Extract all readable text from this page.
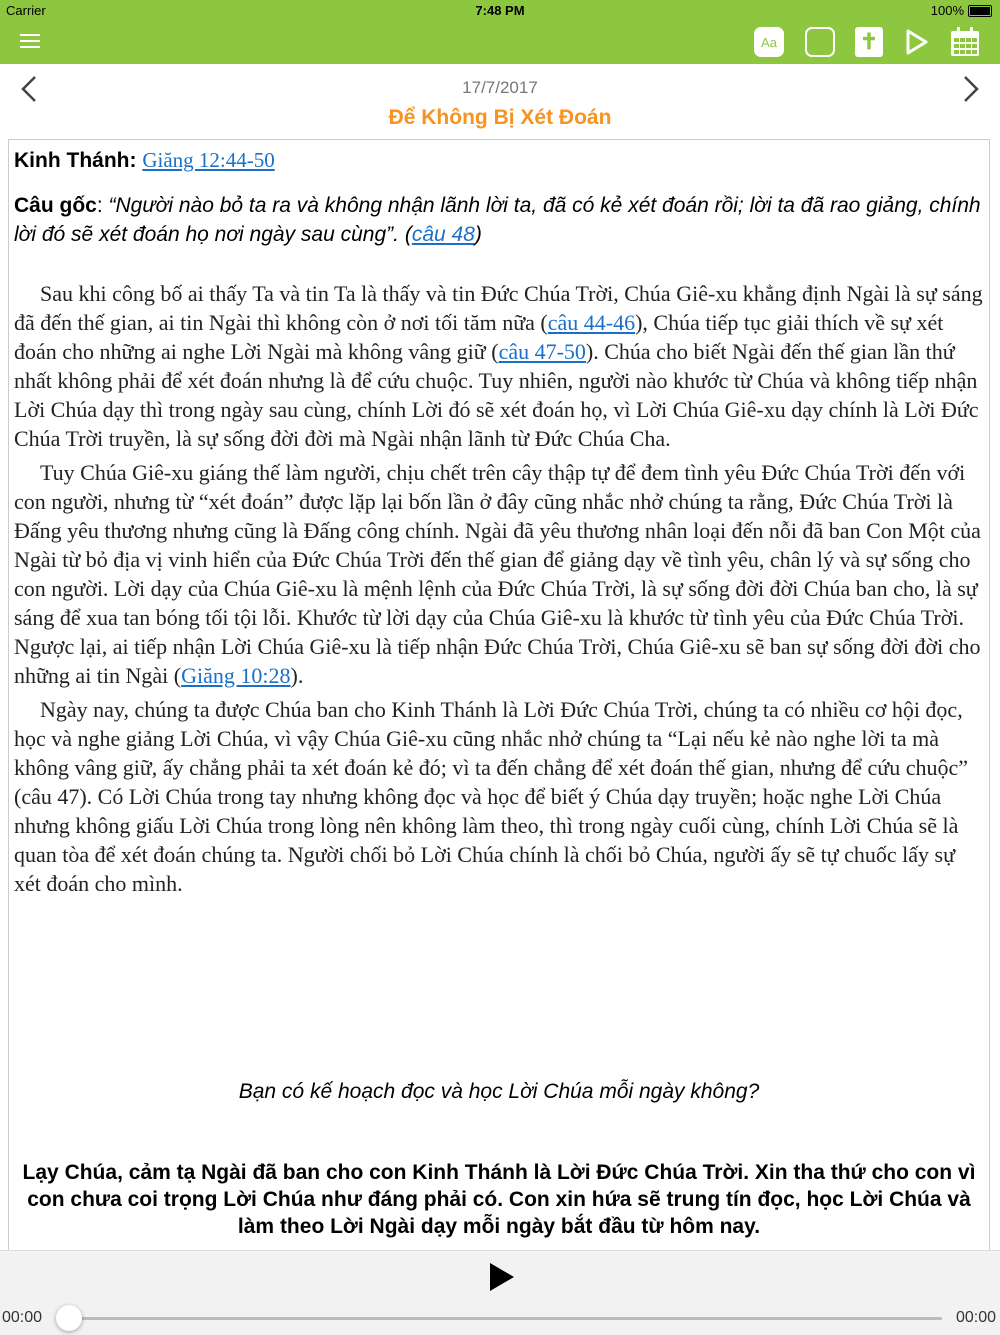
Carrier	7:48 PM	100%
Aa	✝
17/7/2017
Để Không Bị Xét Đoán

Kinh Thánh: Giăng 12:44-50

Câu gốc: “Người nào bỏ ta ra và không nhận lãnh lời ta, đã có kẻ xét đoán rồi; lời ta đã rao giảng, chính lời đó sẽ xét đoán họ nơi ngày sau cùng”. (câu 48)

Sau khi công bố ai thấy Ta và tin Ta là thấy và tin Đức Chúa Trời, Chúa Giê-xu khẳng định Ngài là sự sáng đã đến thế gian, ai tin Ngài thì không còn ở nơi tối tăm nữa (câu 44-46), Chúa tiếp tục giải thích về sự xét đoán cho những ai nghe Lời Ngài mà không vâng giữ (câu 47-50). Chúa cho biết Ngài đến thế gian lần thứ nhất không phải để xét đoán nhưng là để cứu chuộc. Tuy nhiên, người nào khước từ Chúa và không tiếp nhận Lời Chúa dạy thì trong ngày sau cùng, chính Lời đó sẽ xét đoán họ, vì Lời Chúa Giê-xu dạy chính là Lời Đức Chúa Trời truyền, là sự sống đời đời mà Ngài nhận lãnh từ Đức Chúa Cha.

Tuy Chúa Giê-xu giáng thế làm người, chịu chết trên cây thập tự để đem tình yêu Đức Chúa Trời đến với con người, nhưng từ “xét đoán” được lặp lại bốn lần ở đây cũng nhắc nhở chúng ta rằng, Đức Chúa Trời là Đấng yêu thương nhưng cũng là Đấng công chính. Ngài đã yêu thương nhân loại đến nỗi đã ban Con Một của Ngài từ bỏ địa vị vinh hiển của Đức Chúa Trời đến thế gian để giảng dạy về tình yêu, chân lý và sự sống cho con người. Lời dạy của Chúa Giê-xu là mệnh lệnh của Đức Chúa Trời, là sự sống đời đời Chúa ban cho, là sự sáng để xua tan bóng tối tội lỗi. Khước từ lời dạy của Chúa Giê-xu là khước từ tình yêu của Đức Chúa Trời. Ngược lại, ai tiếp nhận Lời Chúa Giê-xu là tiếp nhận Đức Chúa Trời, Chúa Giê-xu sẽ ban sự sống đời đời cho những ai tin Ngài (Giăng 10:28).

Ngày nay, chúng ta được Chúa ban cho Kinh Thánh là Lời Đức Chúa Trời, chúng ta có nhiều cơ hội đọc, học và nghe giảng Lời Chúa, vì vậy Chúa Giê-xu cũng nhắc nhở chúng ta “Lại nếu kẻ nào nghe lời ta mà không vâng giữ, ấy chẳng phải ta xét đoán kẻ đó; vì ta đến chẳng để xét đoán thế gian, nhưng để cứu chuộc” (câu 47). Có Lời Chúa trong tay nhưng không đọc và học để biết ý Chúa dạy truyền; hoặc nghe Lời Chúa nhưng không giấu Lời Chúa trong lòng nên không làm theo, thì trong ngày cuối cùng, chính Lời Chúa sẽ là quan tòa để xét đoán chúng ta. Người chối bỏ Lời Chúa chính là chối bỏ Chúa, người ấy sẽ tự chuốc lấy sự xét đoán cho mình.

Bạn có kế hoạch đọc và học Lời Chúa mỗi ngày không?

Lạy Chúa, cảm tạ Ngài đã ban cho con Kinh Thánh là Lời Đức Chúa Trời. Xin tha thứ cho con vì con chưa coi trọng Lời Chúa như đáng phải có. Con xin hứa sẽ trung tín đọc, học Lời Chúa và làm theo Lời Ngài dạy mỗi ngày bắt đầu từ hôm nay.

00:00	00:00
